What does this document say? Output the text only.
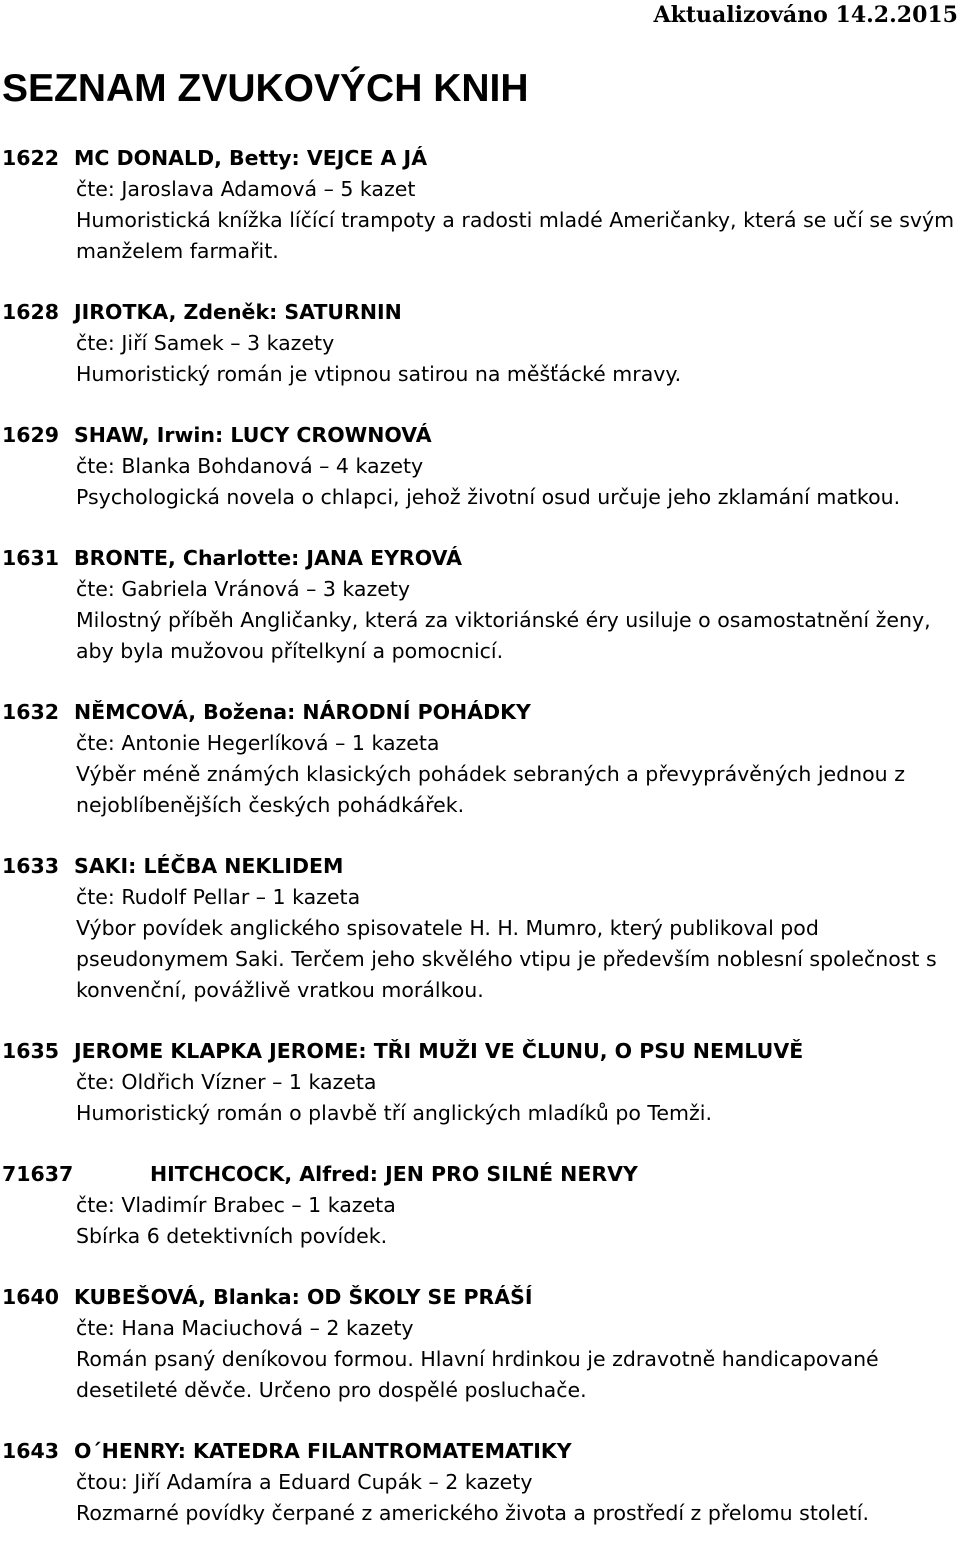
Aktualizováno 14.2.2015
SEZNAM ZVUKOVÝCH KNIH
1622 MC DONALD, Betty: VEJCE A JÁ
čte: Jaroslava Adamová – 5 kazet
Humoristická knížka líčící trampoty a radosti mladé Američanky, která se učí se svým manželem farmařit.
1628 JIROTKA, Zdeněk: SATURNIN
čte: Jiří Samek – 3 kazety
Humoristický román je vtipnou satirou na měšťácké mravy.
1629 SHAW, Irwin: LUCY CROWNOVÁ
čte: Blanka Bohdanová – 4 kazety
Psychologická novela o chlapci, jehož životní osud určuje jeho zklamání matkou.
1631 BRONTE, Charlotte: JANA EYROVÁ
čte: Gabriela Vránová – 3 kazety
Milostný příběh Angličanky, která za viktoriánské éry usiluje o osamostatnění ženy, aby byla mužovou přítelkyní a pomocnicí.
1632 NĚMCOVÁ, Božena: NÁRODNÍ POHÁDKY
čte: Antonie Hegerlíková – 1 kazeta
Výběr méně známých klasických pohádek sebraných a převyprávěných jednou z nejoblíbenějších českých pohádkářek.
1633 SAKI: LÉČBA NEKLIDEM
čte: Rudolf Pellar – 1 kazeta
Výbor povídek anglického spisovatele H. H. Mumro, který publikoval pod pseudonymem Saki. Terčem jeho skvělého vtipu je především noblesní společnost s konvenční, povážlivě vratkou morálkou.
1635 JEROME KLAPKA JEROME: TŘI MUŽI VE ČLUNU, O PSU NEMLUVĚ
čte: Oldřich Vízner – 1 kazeta
Humoristický román o plavbě tří anglických mladíků po Temži.
71637	HITCHCOCK, Alfred: JEN PRO SILNÉ NERVY
čte: Vladimír Brabec – 1 kazeta
Sbírka 6 detektivních povídek.
1640 KUBEŠOVÁ, Blanka: OD ŠKOLY SE PRÁŠÍ
čte: Hana Maciuchová – 2 kazety
Román psaný deníkovou formou. Hlavní hrdinkou je zdravotně handicapované desetileté děvče. Určeno pro dospělé posluchače.
1643 O´HENRY: KATEDRA FILANTROMATEMATIKY
čtou: Jiří Adamíra a Eduard Cupák – 2 kazety
Rozmarné povídky čerpané z amerického života a prostředí z přelomu století.
